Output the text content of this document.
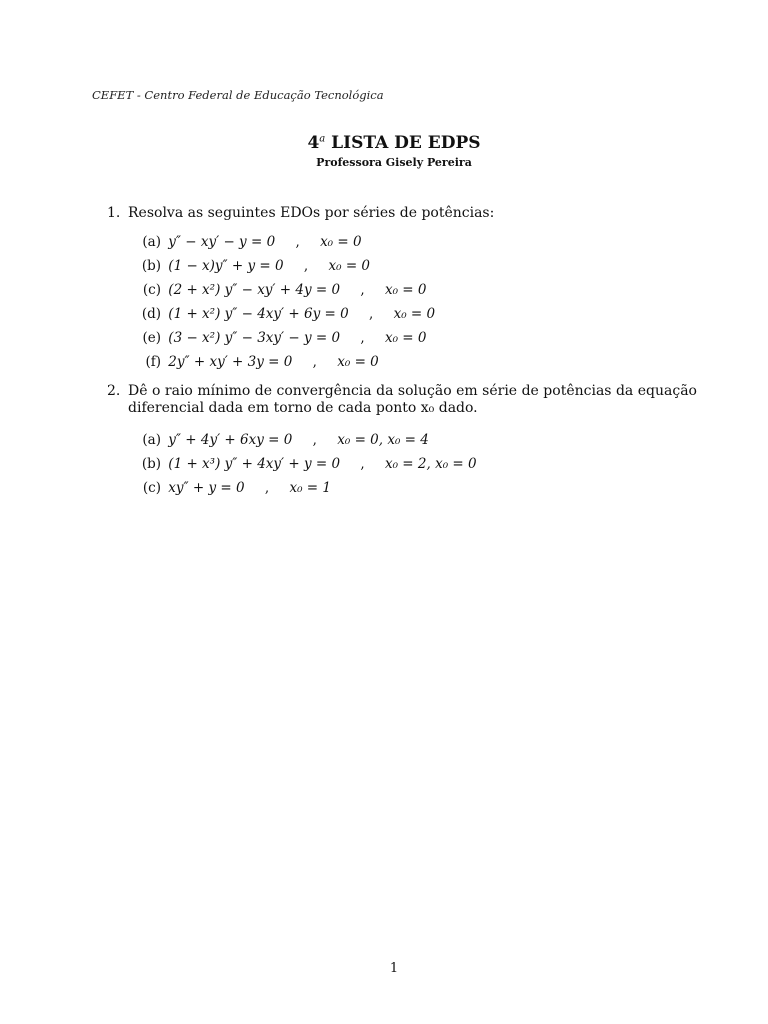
CEFET - Centro Federal de Educação Tecnológica
4$^a$ LISTA DE EDPS
Professora Gisely Pereira
1. Resolva as seguintes EDOs por séries de potências:
(a) y″ − xy′ − y = 0 , x₀ = 0
(b) (1 − x)y″ + y = 0 , x₀ = 0
(c) (2 + x²) y″ − xy′ + 4y = 0 , x₀ = 0
(d) (1 + x²) y″ − 4xy′ + 6y = 0 , x₀ = 0
(e) (3 − x²) y″ − 3xy′ − y = 0 , x₀ = 0
(f) 2y″ + xy′ + 3y = 0 , x₀ = 0
2. Dê o raio mínimo de convergência da solução em série de potências da equação diferencial dada em torno de cada ponto x₀ dado.
(a) y″ + 4y′ + 6xy = 0 , x₀ = 0, x₀ = 4
(b) (1 + x³) y″ + 4xy′ + y = 0 , x₀ = 2, x₀ = 0
(c) xy″ + y = 0 , x₀ = 1
1
